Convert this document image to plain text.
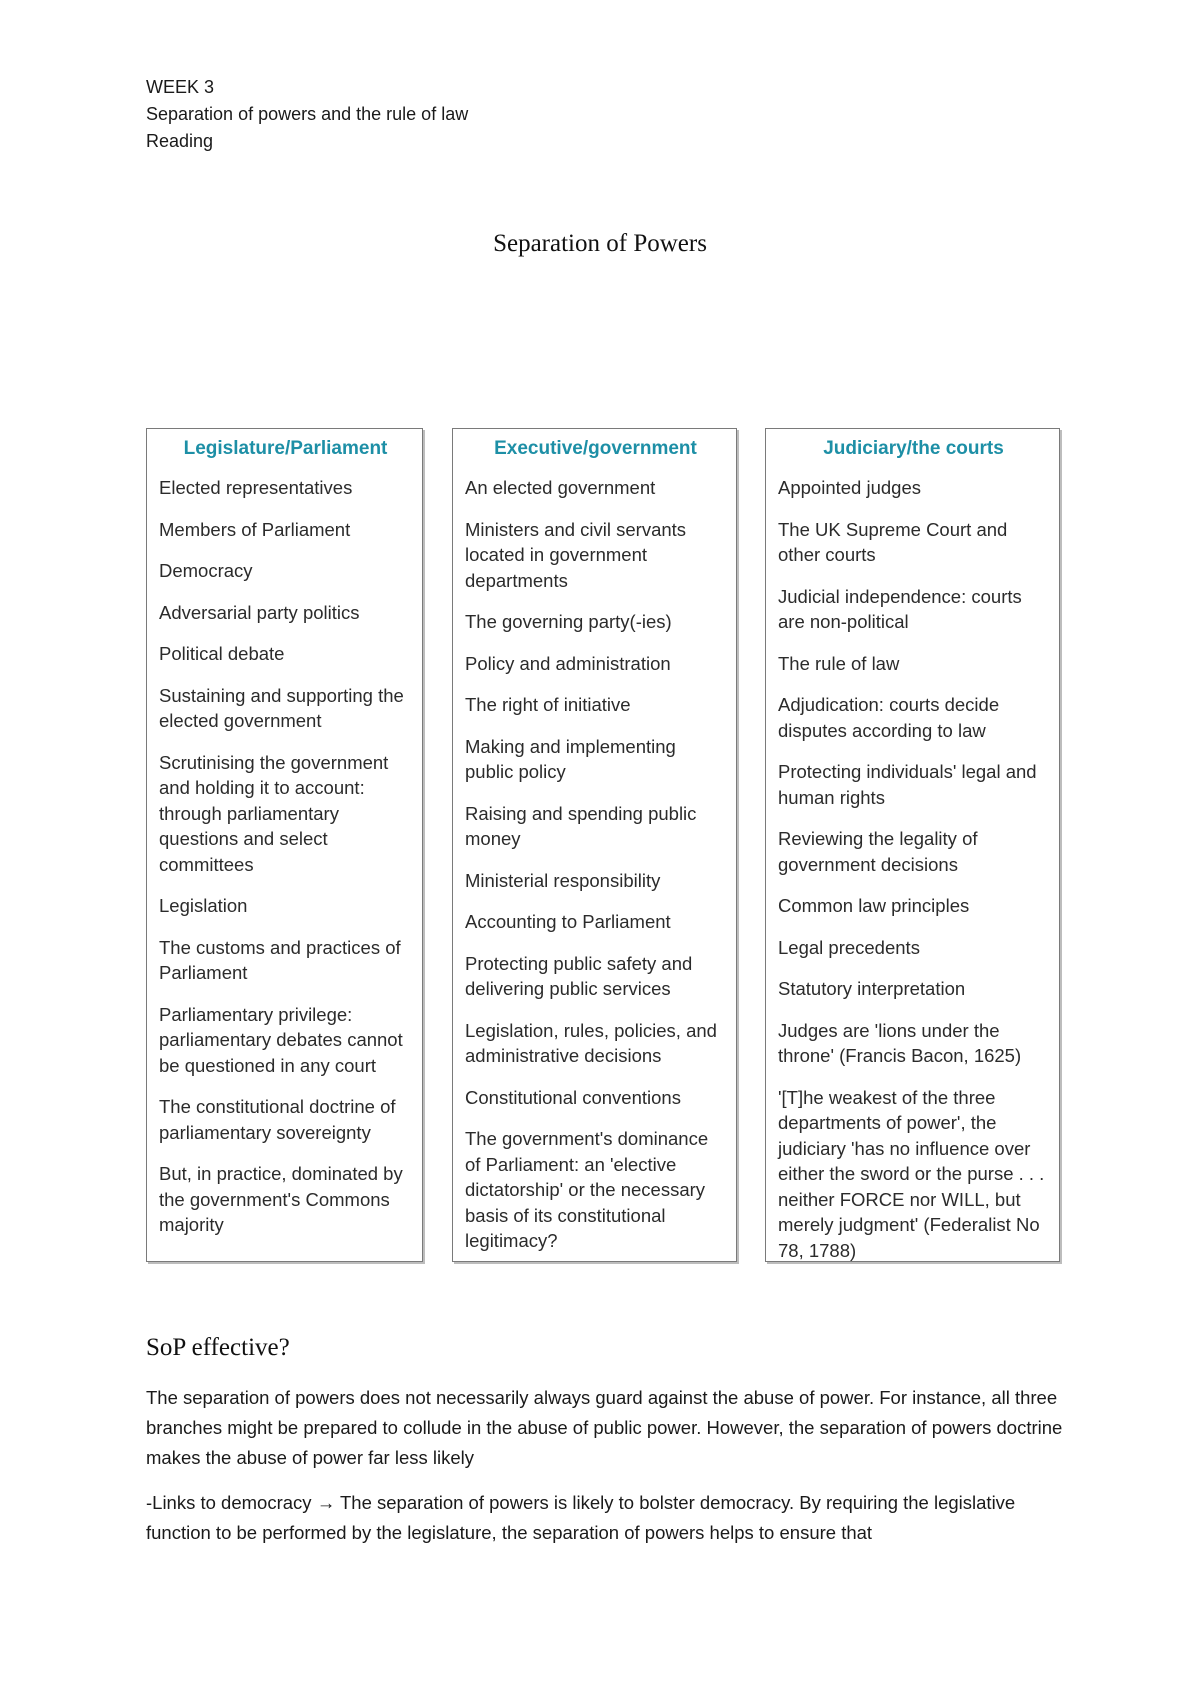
WEEK 3
Separation of powers and the rule of law
Reading
Separation of Powers
Legislature/Parliament
Elected representatives
Members of Parliament
Democracy
Adversarial party politics
Political debate
Sustaining and supporting the elected government
Scrutinising the government and holding it to account: through parliamentary questions and select committees
Legislation
The customs and practices of Parliament
Parliamentary privilege: parliamentary debates cannot be questioned in any court
The constitutional doctrine of parliamentary sovereignty
But, in practice, dominated by the government's Commons majority
Executive/government
An elected government
Ministers and civil servants located in government departments
The governing party(-ies)
Policy and administration
The right of initiative
Making and implementing public policy
Raising and spending public money
Ministerial responsibility
Accounting to Parliament
Protecting public safety and delivering public services
Legislation, rules, policies, and administrative decisions
Constitutional conventions
The government's dominance of Parliament: an 'elective dictatorship' or the necessary basis of its constitutional legitimacy?
Judiciary/the courts
Appointed judges
The UK Supreme Court and other courts
Judicial independence: courts are non-political
The rule of law
Adjudication: courts decide disputes according to law
Protecting individuals' legal and human rights
Reviewing the legality of government decisions
Common law principles
Legal precedents
Statutory interpretation
Judges are 'lions under the throne' (Francis Bacon, 1625)
'[T]he weakest of the three departments of power', the judiciary 'has no influence over either the sword or the purse . . . neither FORCE nor WILL, but merely judgment' (Federalist No 78, 1788)
SoP effective?
The separation of powers does not necessarily always guard against the abuse of power. For instance, all three branches might be prepared to collude in the abuse of public power. However, the separation of powers doctrine makes the abuse of power far less likely
-Links to democracy → The separation of powers is likely to bolster democracy. By requiring the legislative function to be performed by the legislature, the separation of powers helps to ensure that
